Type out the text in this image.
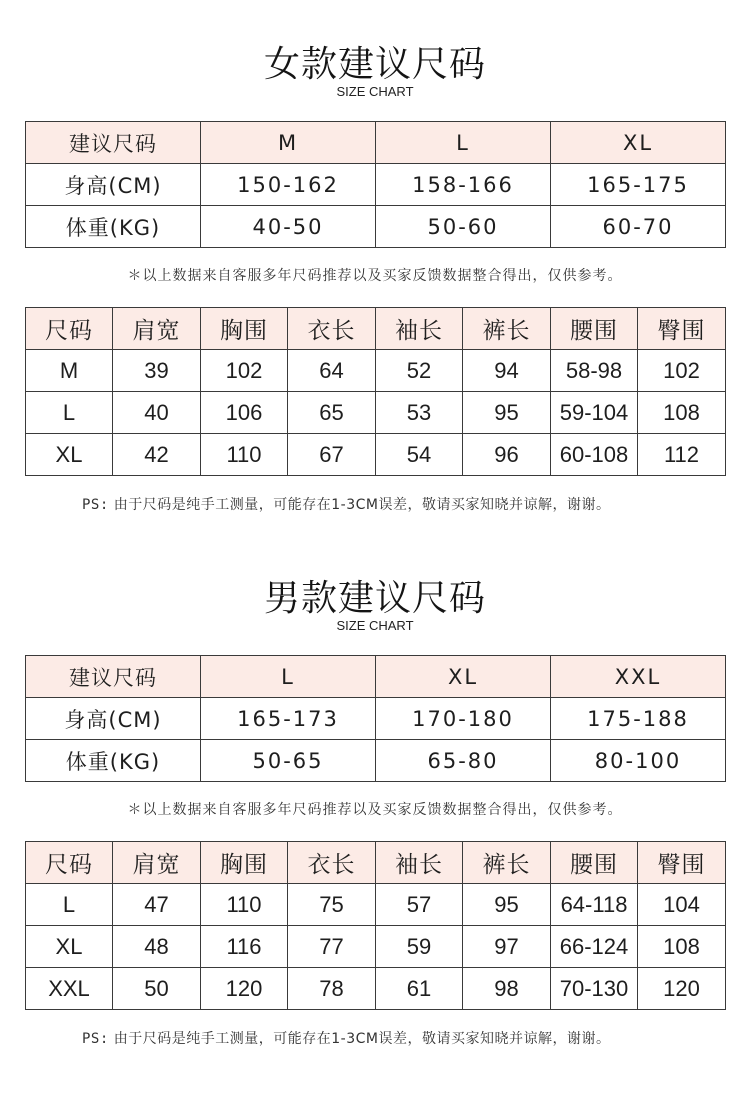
女款建议尺码
SIZE CHART
建议尺码	M	L	XL
身高(CM)	150-162	158-166	165-175
体重(KG)	40-50	50-60	60-70
＊以上数据来自客服多年尺码推荐以及买家反馈数据整合得出，仅供参考。
尺码	肩宽	胸围	衣长	袖长	裤长	腰围	臀围
M	39	102	64	52	94	58-98	102
L	40	106	65	53	95	59-104	108
XL	42	110	67	54	96	60-108	112
PS: 由于尺码是纯手工测量，可能存在1-3CM误差，敬请买家知晓并谅解，谢谢。
男款建议尺码
SIZE CHART
建议尺码	L	XL	XXL
身高(CM)	165-173	170-180	175-188
体重(KG)	50-65	65-80	80-100
＊以上数据来自客服多年尺码推荐以及买家反馈数据整合得出，仅供参考。
尺码	肩宽	胸围	衣长	袖长	裤长	腰围	臀围
L	47	110	75	57	95	64-118	104
XL	48	116	77	59	97	66-124	108
XXL	50	120	78	61	98	70-130	120
PS: 由于尺码是纯手工测量，可能存在1-3CM误差，敬请买家知晓并谅解，谢谢。
